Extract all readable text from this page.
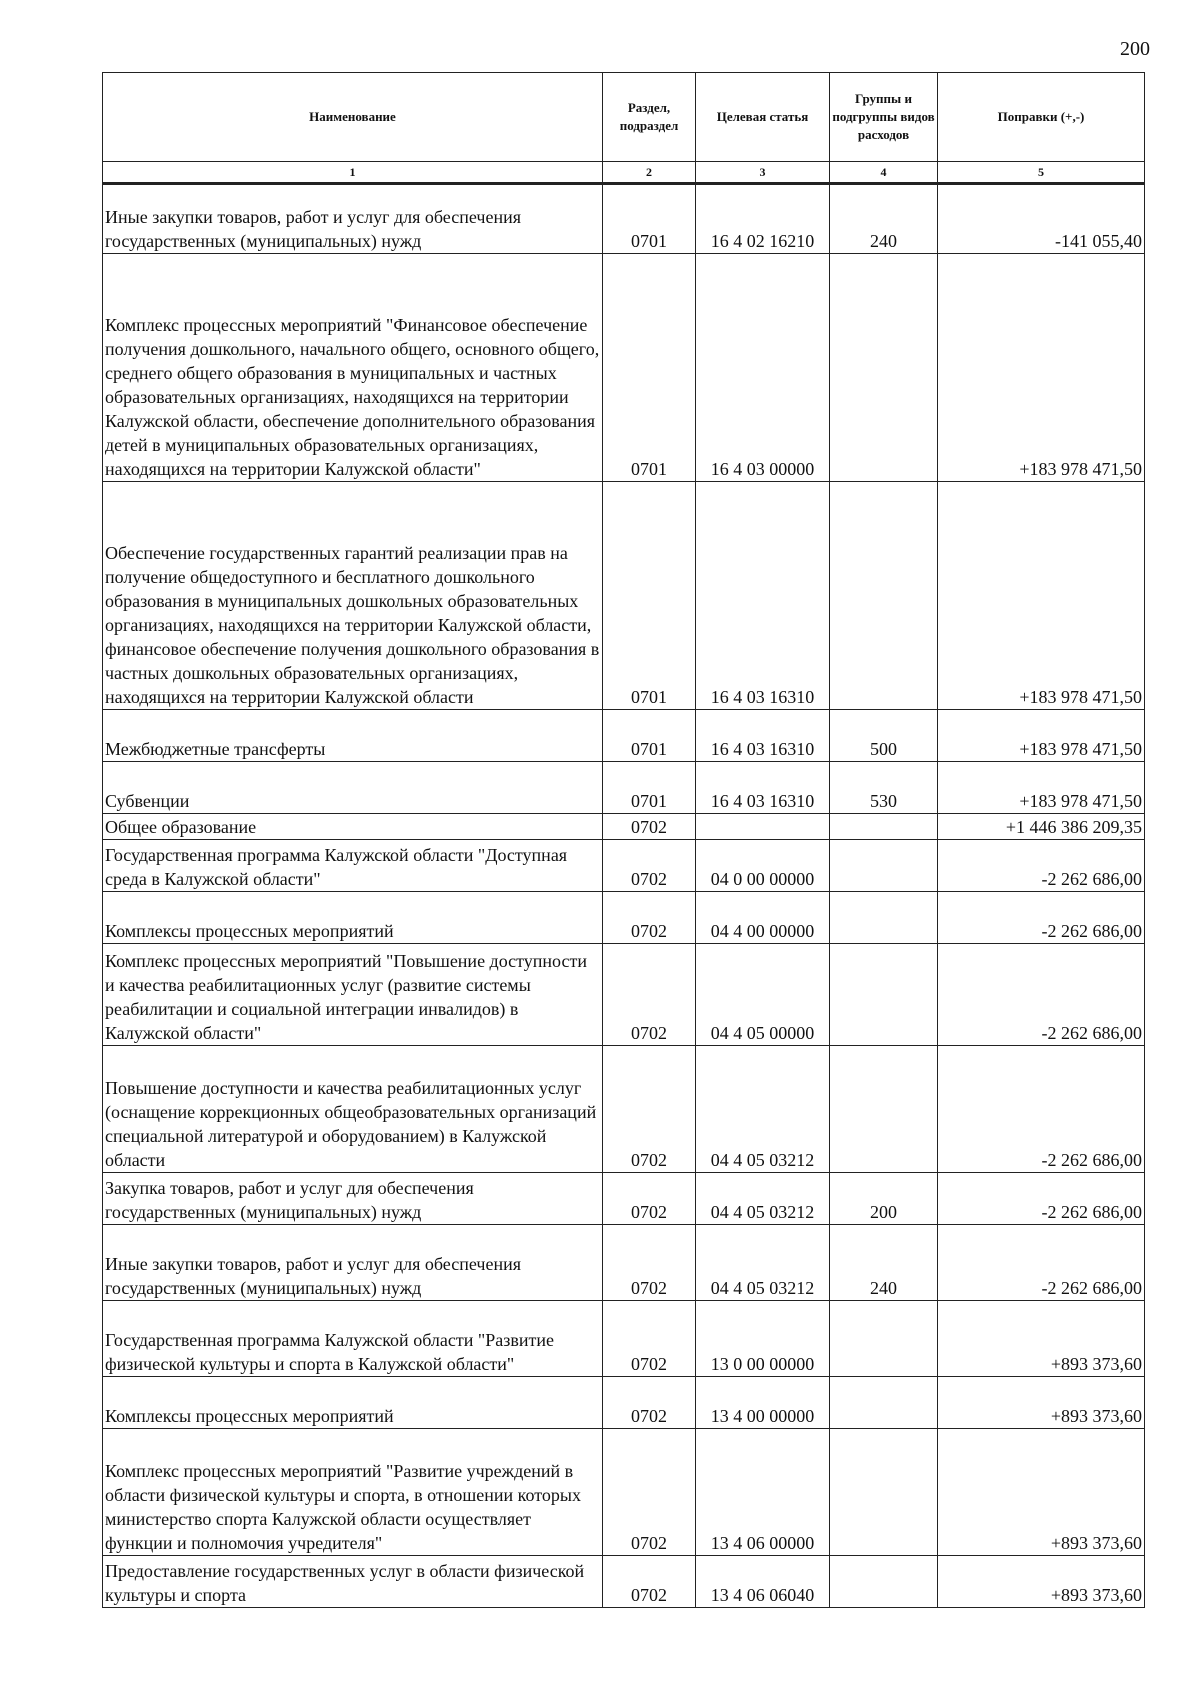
200
Наименование	Раздел, подраздел	Целевая статья	Группы и подгруппы видов расходов	Поправки (+,-)
1	2	3	4	5
Иные закупки товаров, работ и услуг для обеспечения государственных (муниципальных) нужд	0701	16 4 02 16210	240	-141 055,40
Комплекс процессных мероприятий "Финансовое обеспечение получения дошкольного, начального общего, основного общего, среднего общего образования в муниципальных и частных образовательных организациях, находящихся на территории Калужской области, обеспечение дополнительного образования детей в муниципальных образовательных организациях, находящихся на территории Калужской области"	0701	16 4 03 00000		+183 978 471,50
Обеспечение государственных гарантий реализации прав на получение общедоступного и бесплатного дошкольного образования в муниципальных дошкольных образовательных организациях, находящихся на территории Калужской области, финансовое обеспечение получения дошкольного образования в частных дошкольных образовательных организациях, находящихся на территории Калужской области	0701	16 4 03 16310		+183 978 471,50
Межбюджетные трансферты	0701	16 4 03 16310	500	+183 978 471,50
Субвенции	0701	16 4 03 16310	530	+183 978 471,50
Общее образование	0702			+1 446 386 209,35
Государственная программа Калужской области "Доступная среда в Калужской области"	0702	04 0 00 00000		-2 262 686,00
Комплексы процессных мероприятий	0702	04 4 00 00000		-2 262 686,00
Комплекс процессных мероприятий "Повышение доступности и качества реабилитационных услуг (развитие системы реабилитации и социальной интеграции инвалидов) в Калужской области"	0702	04 4 05 00000		-2 262 686,00
Повышение доступности и качества реабилитационных услуг (оснащение коррекционных общеобразовательных организаций специальной литературой и оборудованием) в Калужской области	0702	04 4 05 03212		-2 262 686,00
Закупка товаров, работ и услуг для обеспечения государственных (муниципальных) нужд	0702	04 4 05 03212	200	-2 262 686,00
Иные закупки товаров, работ и услуг для обеспечения государственных (муниципальных) нужд	0702	04 4 05 03212	240	-2 262 686,00
Государственная программа Калужской области "Развитие физической культуры и спорта в Калужской области"	0702	13 0 00 00000		+893 373,60
Комплексы процессных мероприятий	0702	13 4 00 00000		+893 373,60
Комплекс процессных мероприятий "Развитие учреждений в области физической культуры и спорта, в отношении которых министерство спорта Калужской области осуществляет функции и полномочия учредителя"	0702	13 4 06 00000		+893 373,60
Предоставление государственных услуг в области физической культуры и спорта	0702	13 4 06 06040		+893 373,60
